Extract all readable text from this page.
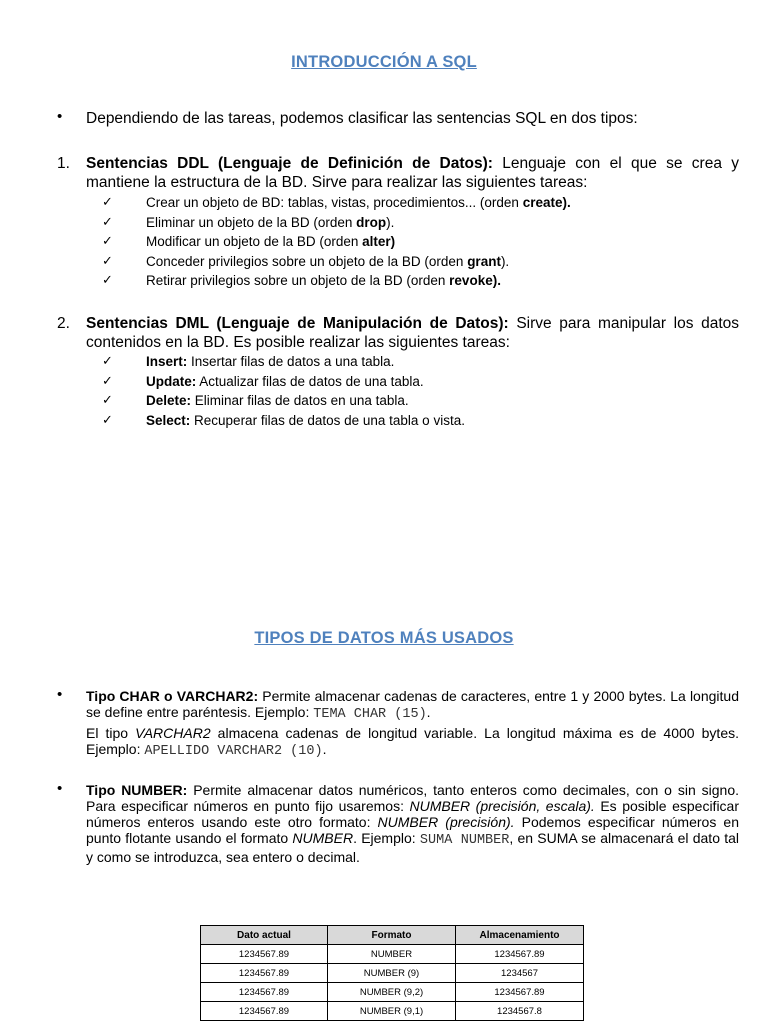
INTRODUCCIÓN A SQL
• Dependiendo de las tareas, podemos clasificar las sentencias SQL en dos tipos:
1. Sentencias DDL (Lenguaje de Definición de Datos): Lenguaje con el que se crea y mantiene la estructura de la BD. Sirve para realizar las siguientes tareas:
✓ Crear un objeto de BD: tablas, vistas, procedimientos... (orden create).
✓ Eliminar un objeto de la BD (orden drop).
✓ Modificar un objeto de la BD (orden alter)
✓ Conceder privilegios sobre un objeto de la BD (orden grant).
✓ Retirar privilegios sobre un objeto de la BD (orden revoke).
2. Sentencias DML (Lenguaje de Manipulación de Datos): Sirve para manipular los datos contenidos en la BD. Es posible realizar las siguientes tareas:
✓ Insert: Insertar filas de datos a una tabla.
✓ Update: Actualizar filas de datos de una tabla.
✓ Delete: Eliminar filas de datos en una tabla.
✓ Select: Recuperar filas de datos de una tabla o vista.
TIPOS DE DATOS MÁS USADOS
• Tipo CHAR o VARCHAR2: Permite almacenar cadenas de caracteres, entre 1 y 2000 bytes. La longitud se define entre paréntesis. Ejemplo: TEMA CHAR (15).
El tipo VARCHAR2 almacena cadenas de longitud variable. La longitud máxima es de 4000 bytes. Ejemplo: APELLIDO VARCHAR2 (10).
• Tipo NUMBER: Permite almacenar datos numéricos, tanto enteros como decimales, con o sin signo. Para especificar números en punto fijo usaremos: NUMBER (precisión, escala). Es posible especificar números enteros usando este otro formato: NUMBER (precisión). Podemos especificar números en punto flotante usando el formato NUMBER. Ejemplo: SUMA NUMBER, en SUMA se almacenará el dato tal y como se introduzca, sea entero o decimal.
Dato actual	Formato	Almacenamiento
1234567.89	NUMBER	1234567.89
1234567.89	NUMBER (9)	1234567
1234567.89	NUMBER (9,2)	1234567.89
1234567.89	NUMBER (9,1)	1234567.8
